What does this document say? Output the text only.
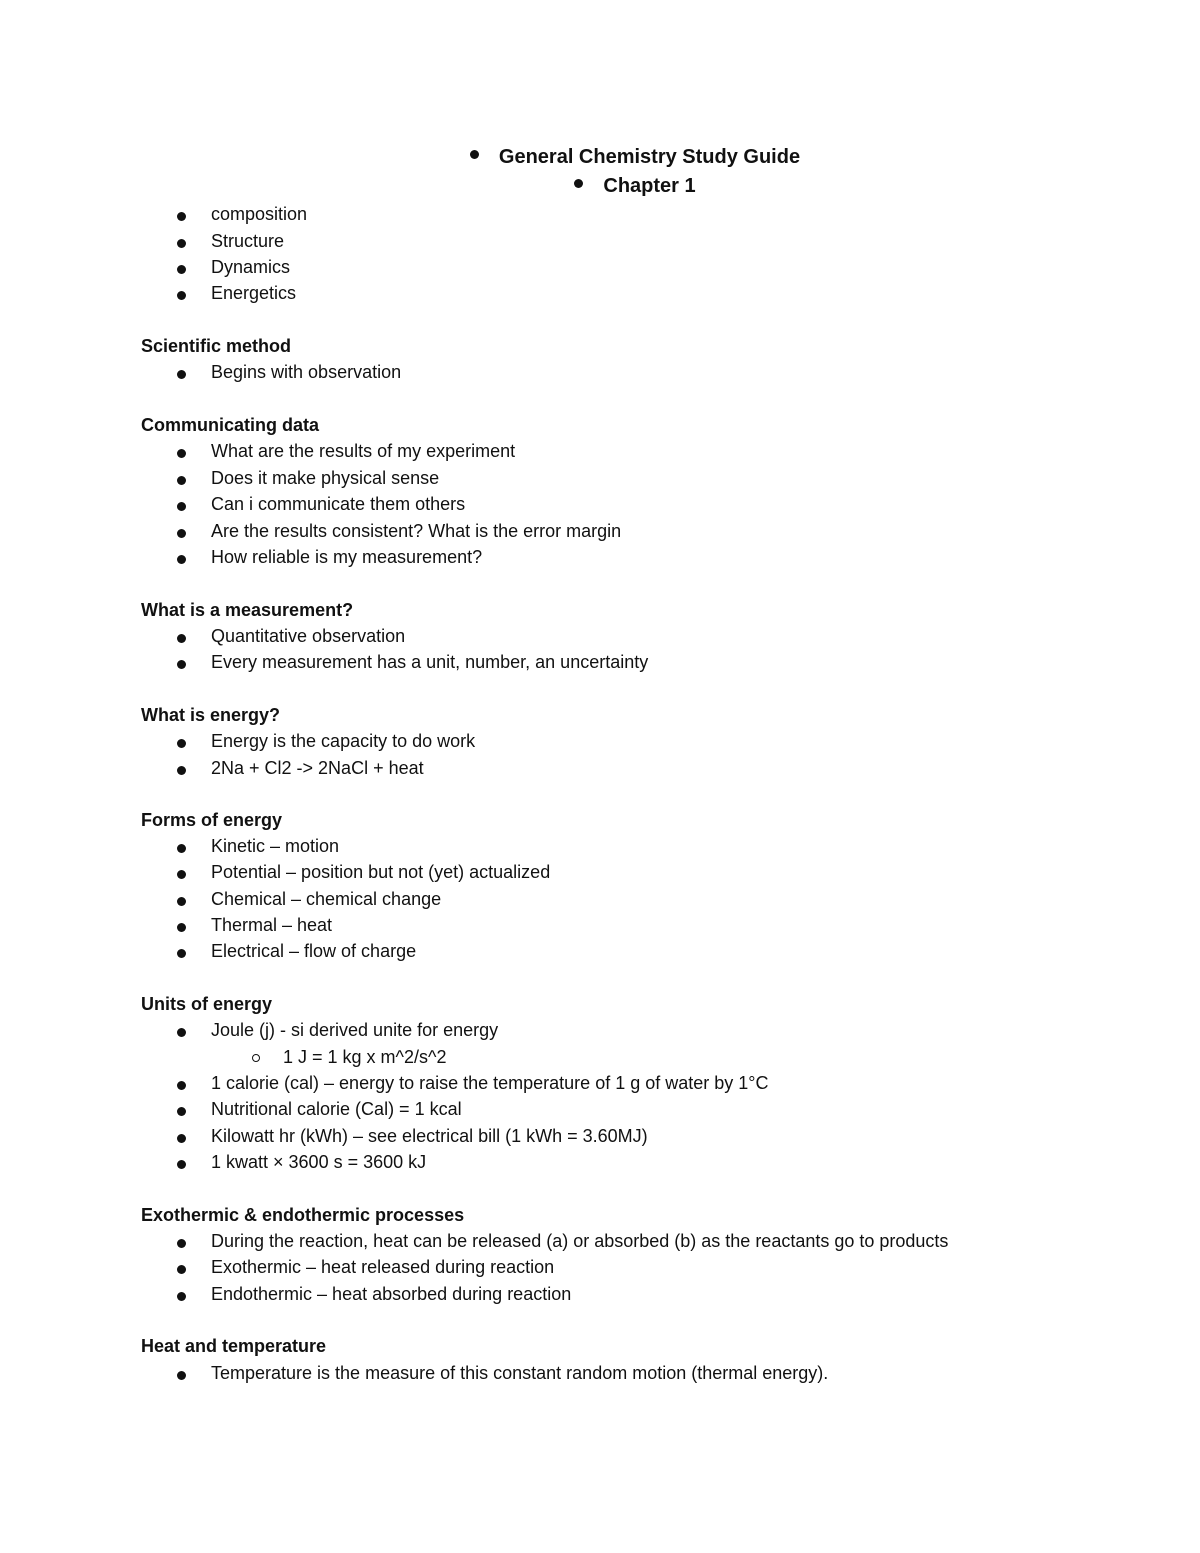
General Chemistry Study Guide
Chapter 1
composition
Structure
Dynamics
Energetics
Scientific method
Begins with observation
Communicating data
What are the results of my experiment
Does it make physical sense
Can i communicate them others
Are the results consistent? What is the error margin
How reliable is my measurement?
What is a measurement?
Quantitative observation
Every measurement has a unit, number, an uncertainty
What is energy?
Energy is the capacity to do work
2Na + Cl2 -> 2NaCl + heat
Forms of energy
Kinetic – motion
Potential – position but not (yet) actualized
Chemical – chemical change
Thermal – heat
Electrical – flow of charge
Units of energy
Joule (j) - si derived unite for energy
1 J = 1 kg x m^2/s^2
1 calorie (cal) – energy to raise the temperature of 1 g of water by 1°C
Nutritional calorie (Cal) = 1 kcal
Kilowatt hr (kWh) – see electrical bill (1 kWh = 3.60MJ)
1 kwatt × 3600 s = 3600 kJ
Exothermic & endothermic processes
During the reaction, heat can be released (a) or absorbed (b) as the reactants go to products
Exothermic – heat released during reaction
Endothermic – heat absorbed during reaction
Heat and temperature
Temperature is the measure of this constant random motion (thermal energy).
